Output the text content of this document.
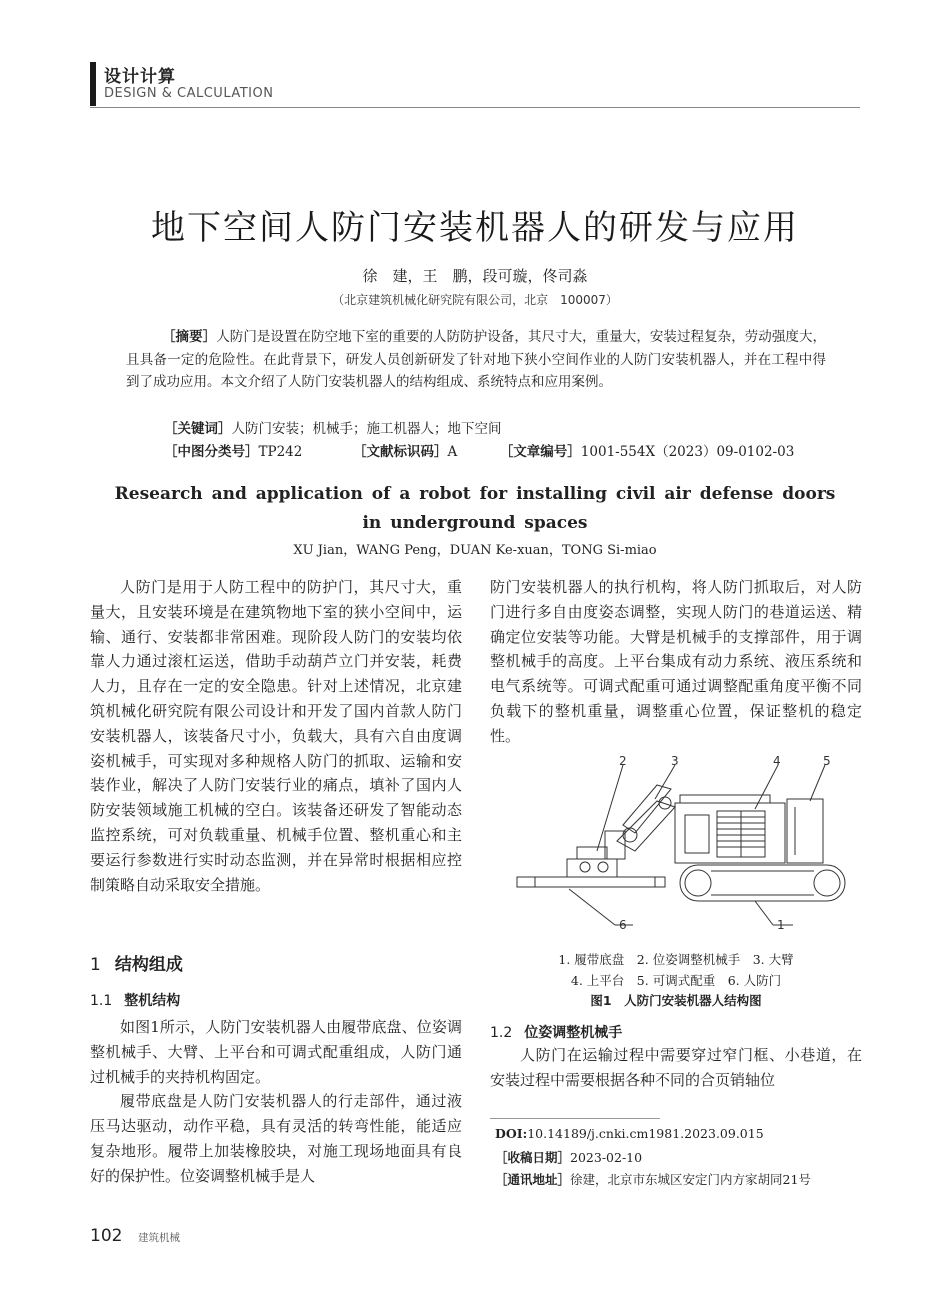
设计计算
DESIGN & CALCULATION
地下空间人防门安装机器人的研发与应用
徐　建，王　鹏，段可璇，佟司淼
（北京建筑机械化研究院有限公司，北京　100007）
［摘要］人防门是设置在防空地下室的重要的人防防护设备，其尺寸大，重量大，安装过程复杂，劳动强度大，且具备一定的危险性。在此背景下，研发人员创新研发了针对地下狭小空间作业的人防门安装机器人，并在工程中得到了成功应用。本文介绍了人防门安装机器人的结构组成、系统特点和应用案例。
［关键词］人防门安装；机械手；施工机器人；地下空间
［中图分类号］TP242	［文献标识码］A	［文章编号］1001-554X（2023）09-0102-03
Research and application of a robot for installing civil air defense doors
in underground spaces
XU Jian，WANG Peng，DUAN Ke-xuan，TONG Si-miao

人防门是用于人防工程中的防护门，其尺寸大，重量大，且安装环境是在建筑物地下室的狭小空间中，运输、通行、安装都非常困难。现阶段人防门的安装均依靠人力通过滚杠运送，借助手动葫芦立门并安装，耗费人力，且存在一定的安全隐患。针对上述情况，北京建筑机械化研究院有限公司设计和开发了国内首款人防门安装机器人，该装备尺寸小，负载大，具有六自由度调姿机械手，可实现对多种规格人防门的抓取、运输和安装作业，解决了人防门安装行业的痛点，填补了国内人防安装领域施工机械的空白。该装备还研发了智能动态监控系统，可对负载重量、机械手位置、整机重心和主要运行参数进行实时动态监测，并在异常时根据相应控制策略自动采取安全措施。

1 结构组成
1.1 整机结构

如图1所示，人防门安装机器人由履带底盘、位姿调整机械手、大臂、上平台和可调式配重组成，人防门通过机械手的夹持机构固定。

履带底盘是人防门安装机器人的行走部件，通过液压马达驱动，动作平稳，具有灵活的转弯性能，能适应复杂地形。履带上加装橡胶块，对施工现场地面具有良好的保护性。位姿调整机械手是人

防门安装机器人的执行机构，将人防门抓取后，对人防门进行多自由度姿态调整，实现人防门的巷道运送、精确定位安装等功能。大臂是机械手的支撑部件，用于调整机械手的高度。上平台集成有动力系统、液压系统和电气系统等。可调式配重可通过调整配重角度平衡不同负载下的整机重量，调整重心位置，保证整机的稳定性。

2	3	4	5
6	1
1. 履带底盘　2. 位姿调整机械手　3. 大臂
4. 上平台　5. 可调式配重　6. 人防门
图1　人防门安装机器人结构图
1.2 位姿调整机械手

人防门在运输过程中需要穿过窄门框、小巷道，在安装过程中需要根据各种不同的合页销轴位

DOI:10.14189/j.cnki.cm1981.2023.09.015
［收稿日期］2023-02-10
［通讯地址］徐建，北京市东城区安定门内方家胡同21号
102 建筑机械
